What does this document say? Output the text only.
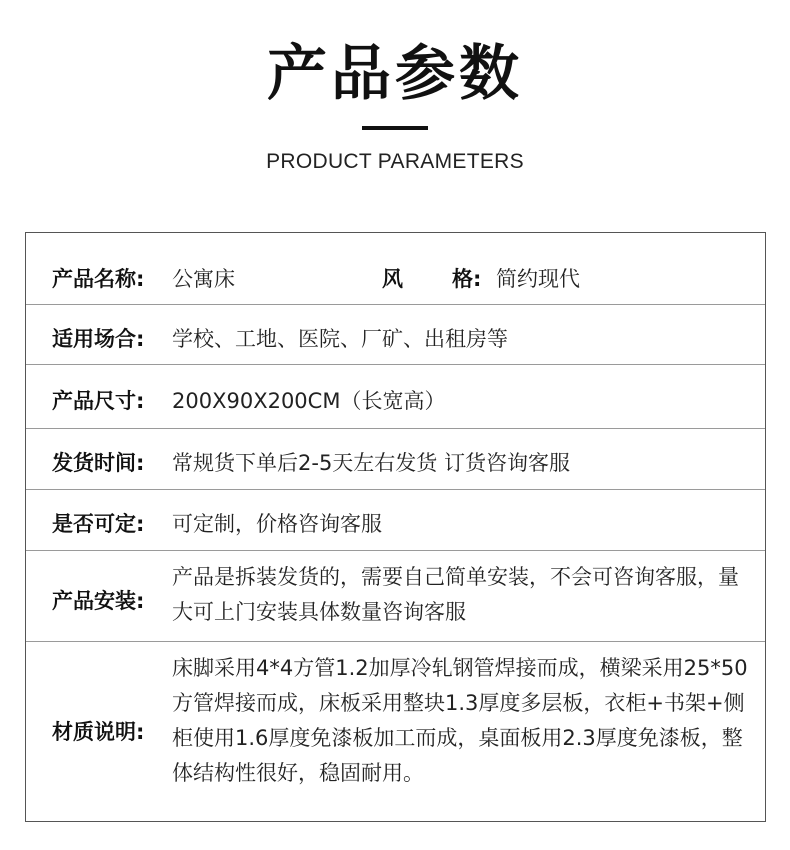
产品参数
PRODUCT PARAMETERS
产品名称: 公寓床	风 格: 简约现代
适用场合: 学校、工地、医院、厂矿、出租房等
产品尺寸: 200X90X200CM（长宽高）
发货时间: 常规货下单后2-5天左右发货 订货咨询客服
是否可定: 可定制，价格咨询客服
产品安装:
产品是拆装发货的，需要自己简单安装，不会可咨询客服，量大可上门安装具体数量咨询客服
材质说明:
床脚采用4*4方管1.2加厚冷轧钢管焊接而成，横梁采用25*50方管焊接而成，床板采用整块1.3厚度多层板，衣柜+书架+侧柜使用1.6厚度免漆板加工而成，桌面板用2.3厚度免漆板，整体结构性很好，稳固耐用。
